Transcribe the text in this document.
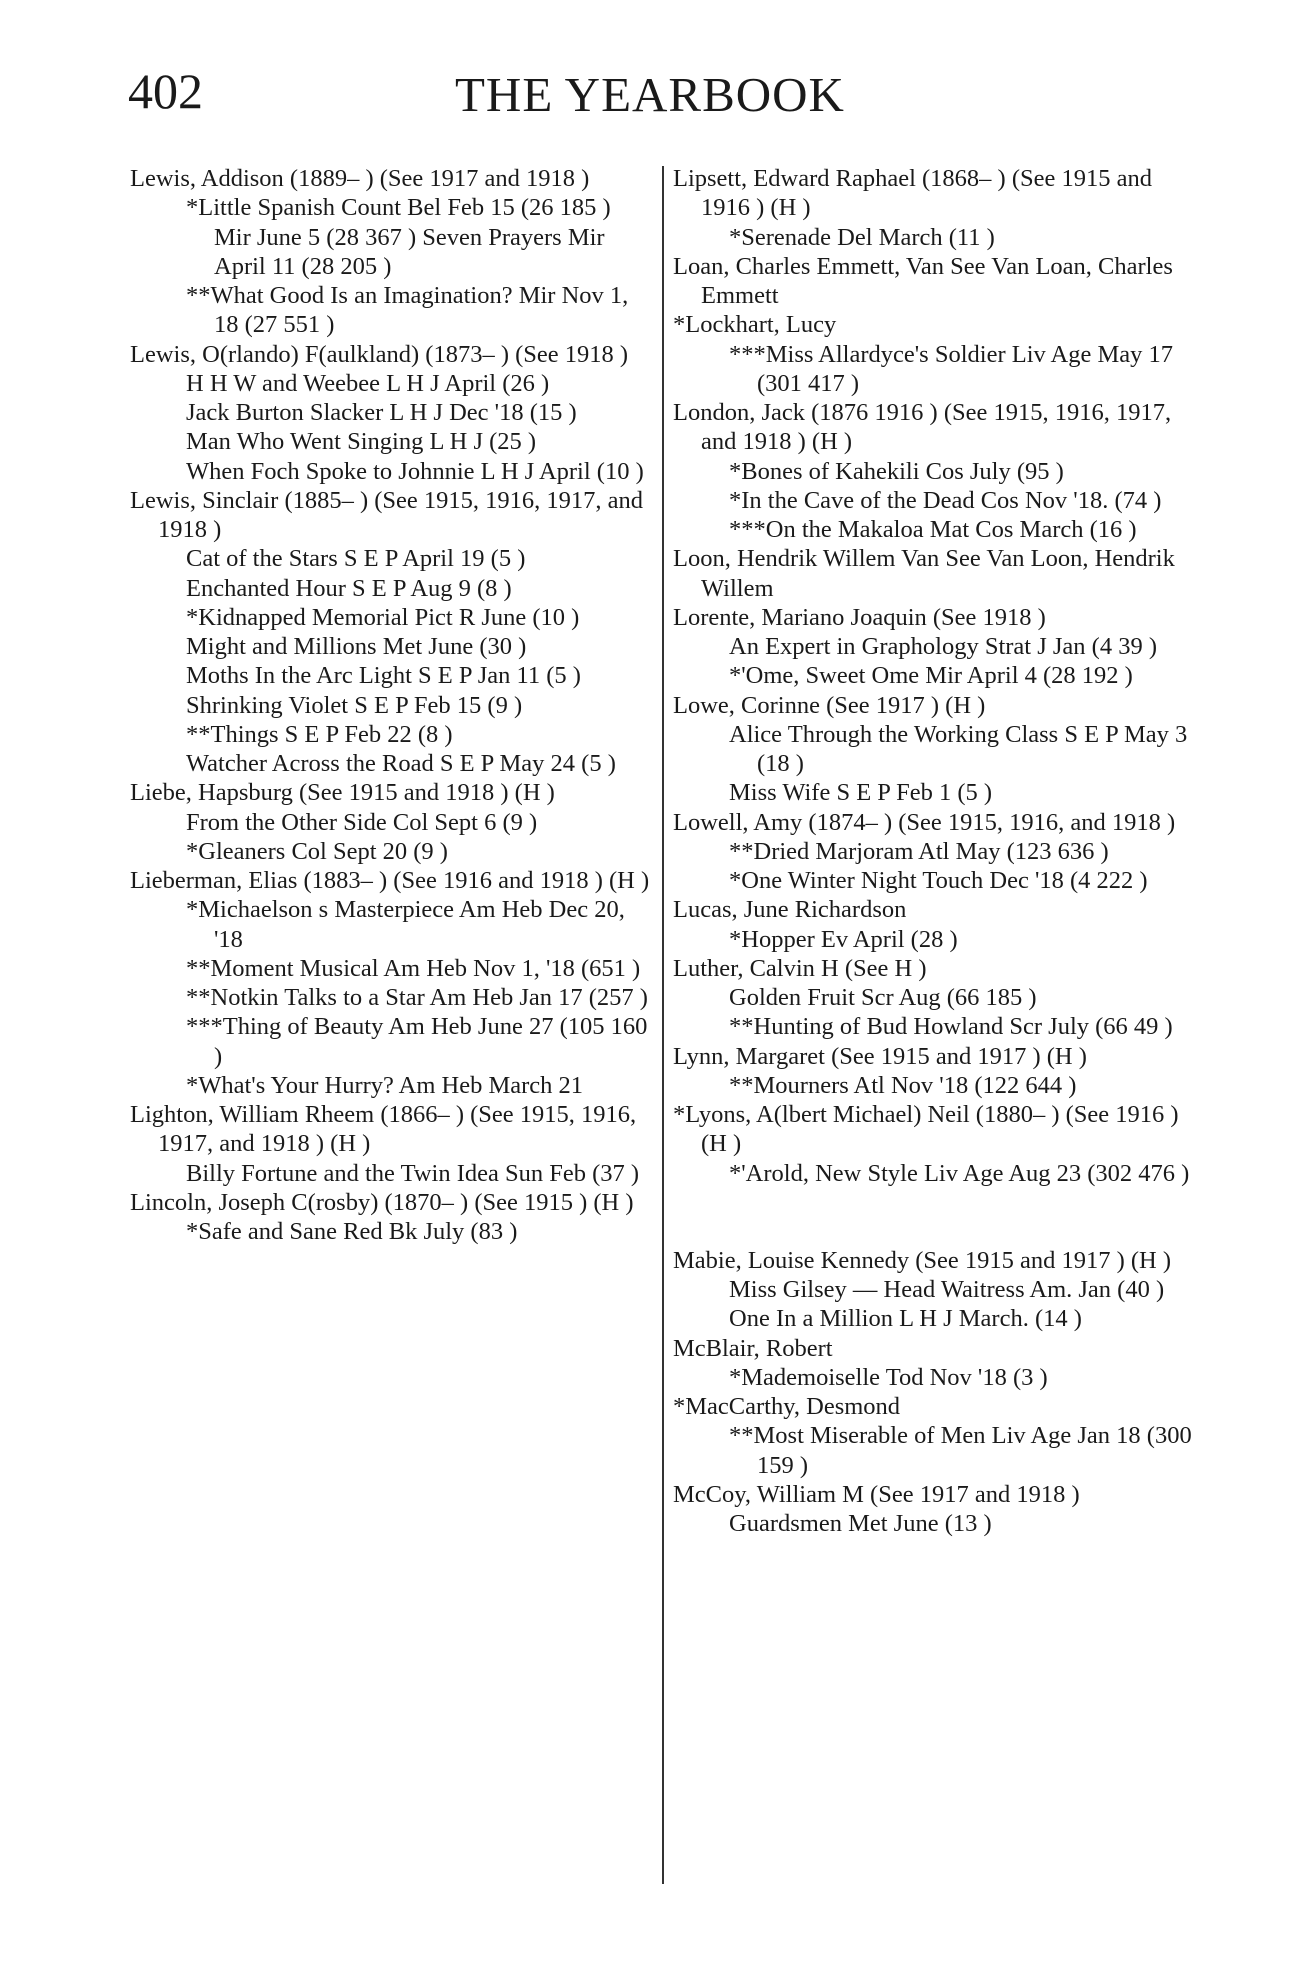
402	THE YEARBOOK

Lewis, Addison (1889– ) (See 1917 and 1918 )

*Little Spanish Count Bel Feb 15 (26 185 ) Mir June 5 (28 367 ) Seven Prayers Mir April 11 (28 205 )

**What Good Is an Imagination? Mir Nov 1, 18 (27 551 )

Lewis, O(rlando) F(aulkland) (1873– ) (See 1918 )

H H W and Weebee L H J April (26 )

Jack Burton Slacker L H J Dec '18 (15 )

Man Who Went Singing L H J (25 )

When Foch Spoke to Johnnie L H J April (10 )

Lewis, Sinclair (1885– ) (See 1915, 1916, 1917, and 1918 )

Cat of the Stars S E P April 19 (5 )

Enchanted Hour S E P Aug 9 (8 )

*Kidnapped Memorial Pict R June (10 )

Might and Millions Met June (30 )

Moths In the Arc Light S E P Jan 11 (5 )

Shrinking Violet S E P Feb 15 (9 )

**Things S E P Feb 22 (8 )

Watcher Across the Road S E P May 24 (5 )

Liebe, Hapsburg (See 1915 and 1918 ) (H )

From the Other Side Col Sept 6 (9 )

*Gleaners Col Sept 20 (9 )

Lieberman, Elias (1883– ) (See 1916 and 1918 ) (H )

*Michaelson s Masterpiece Am Heb Dec 20, '18

**Moment Musical Am Heb Nov 1, '18 (651 )

**Notkin Talks to a Star Am Heb Jan 17 (257 )

***Thing of Beauty Am Heb June 27 (105 160 )

*What's Your Hurry? Am Heb March 21

Lighton, William Rheem (1866– ) (See 1915, 1916, 1917, and 1918 ) (H )

Billy Fortune and the Twin Idea Sun Feb (37 )

Lincoln, Joseph C(rosby) (1870– ) (See 1915 ) (H )

*Safe and Sane Red Bk July (83 )

Lipsett, Edward Raphael (1868– ) (See 1915 and 1916 ) (H )

*Serenade Del March (11 )

Loan, Charles Emmett, Van See Van Loan, Charles Emmett

*Lockhart, Lucy

***Miss Allardyce's Soldier Liv Age May 17 (301 417 )

London, Jack (1876 1916 ) (See 1915, 1916, 1917, and 1918 ) (H )

*Bones of Kahekili Cos July (95 )

*In the Cave of the Dead Cos Nov '18. (74 )

***On the Makaloa Mat Cos March (16 )

Loon, Hendrik Willem Van See Van Loon, Hendrik Willem

Lorente, Mariano Joaquin (See 1918 )

An Expert in Graphology Strat J Jan (4 39 )

*'Ome, Sweet Ome Mir April 4 (28 192 )

Lowe, Corinne (See 1917 ) (H )

Alice Through the Working Class S E P May 3 (18 )

Miss Wife S E P Feb 1 (5 )

Lowell, Amy (1874– ) (See 1915, 1916, and 1918 )

**Dried Marjoram Atl May (123 636 )

*One Winter Night Touch Dec '18 (4 222 )

Lucas, June Richardson

*Hopper Ev April (28 )

Luther, Calvin H (See H )

Golden Fruit Scr Aug (66 185 )

**Hunting of Bud Howland Scr July (66 49 )

Lynn, Margaret (See 1915 and 1917 ) (H )

**Mourners Atl Nov '18 (122 644 )

*Lyons, A(lbert Michael) Neil (1880– ) (See 1916 ) (H )

*'Arold, New Style Liv Age Aug 23 (302 476 )

Mabie, Louise Kennedy (See 1915 and 1917 ) (H )

Miss Gilsey — Head Waitress Am. Jan (40 )

One In a Million L H J March. (14 )

McBlair, Robert

*Mademoiselle Tod Nov '18 (3 )

*MacCarthy, Desmond

**Most Miserable of Men Liv Age Jan 18 (300 159 )

McCoy, William M (See 1917 and 1918 )

Guardsmen Met June (13 )
